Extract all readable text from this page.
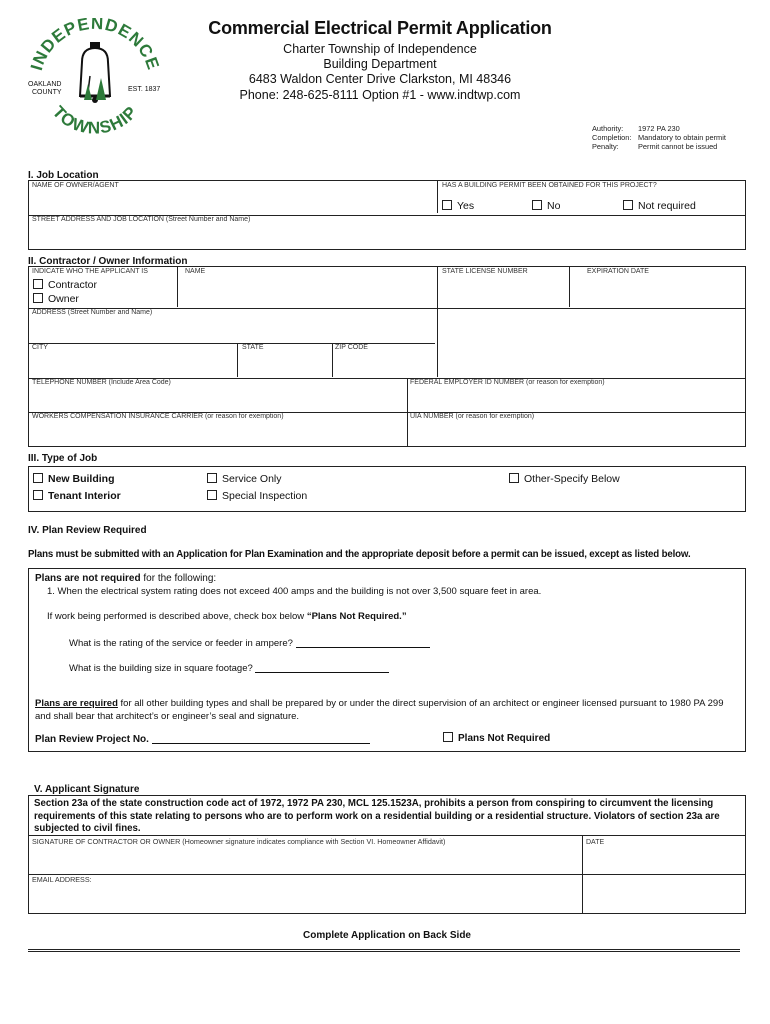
INDEPENDENCE
TOWNSHIP
OAKLAND
COUNTY	EST. 1837
Commercial Electrical Permit Application
Charter Township of Independence
Building Department
6483 Waldon Center Drive Clarkston, MI 48346
Phone: 248-625-8111 Option #1 - www.indtwp.com
Authority: 1972 PA 230
Completion: Mandatory to obtain permit
Penalty:	Permit cannot be issued
I. Job Location
NAME OF OWNER/AGENT	HAS A BUILDING PERMIT BEEN OBTAINED FOR THIS PROJECT?
Yes	No	Not required
STREET ADDRESS AND JOB LOCATION (Street Number and Name)
II. Contractor / Owner Information
INDICATE WHO THE APPLICANT IS
Contractor
Owner
NAME	STATE LICENSE NUMBER	EXPIRATION DATE
ADDRESS (Street Number and Name)
CITY	STATE	ZIP CODE
TELEPHONE NUMBER (Include Area Code)	FEDERAL EMPLOYER ID NUMBER (or reason for exemption)
WORKERS COMPENSATION INSURANCE CARRIER (or reason for exemption)	UIA NUMBER (or reason for exemption)
III. Type of Job
New Building
Tenant Interior
Service Only
Special Inspection
Other-Specify Below
IV. Plan Review Required
Plans must be submitted with an Application for Plan Examination and the appropriate deposit before a permit can be issued, except as listed below.
Plans are not required for the following:
1. When the electrical system rating does not exceed 400 amps and the building is not over 3,500 square feet in area.
If work being performed is described above, check box below “Plans Not Required.”
What is the rating of the service or feeder in ampere?
What is the building size in square footage?
Plans are required for all other building types and shall be prepared by or under the direct supervision of an architect or engineer licensed pursuant to 1980 PA 299 and shall bear that architect’s or engineer’s seal and signature.
Plan Review Project No.	Plans Not Required
V. Applicant Signature
Section 23a of the state construction code act of 1972, 1972 PA 230, MCL 125.1523A, prohibits a person from conspiring to circumvent the licensing requirements of this state relating to persons who are to perform work on a residential building or a residential structure. Violators of section 23a are subjected to civil fines.
SIGNATURE OF CONTRACTOR OR OWNER (Homeowner signature indicates compliance with Section VI. Homeowner Affidavit)	DATE
EMAIL ADDRESS:
Complete Application on Back Side
